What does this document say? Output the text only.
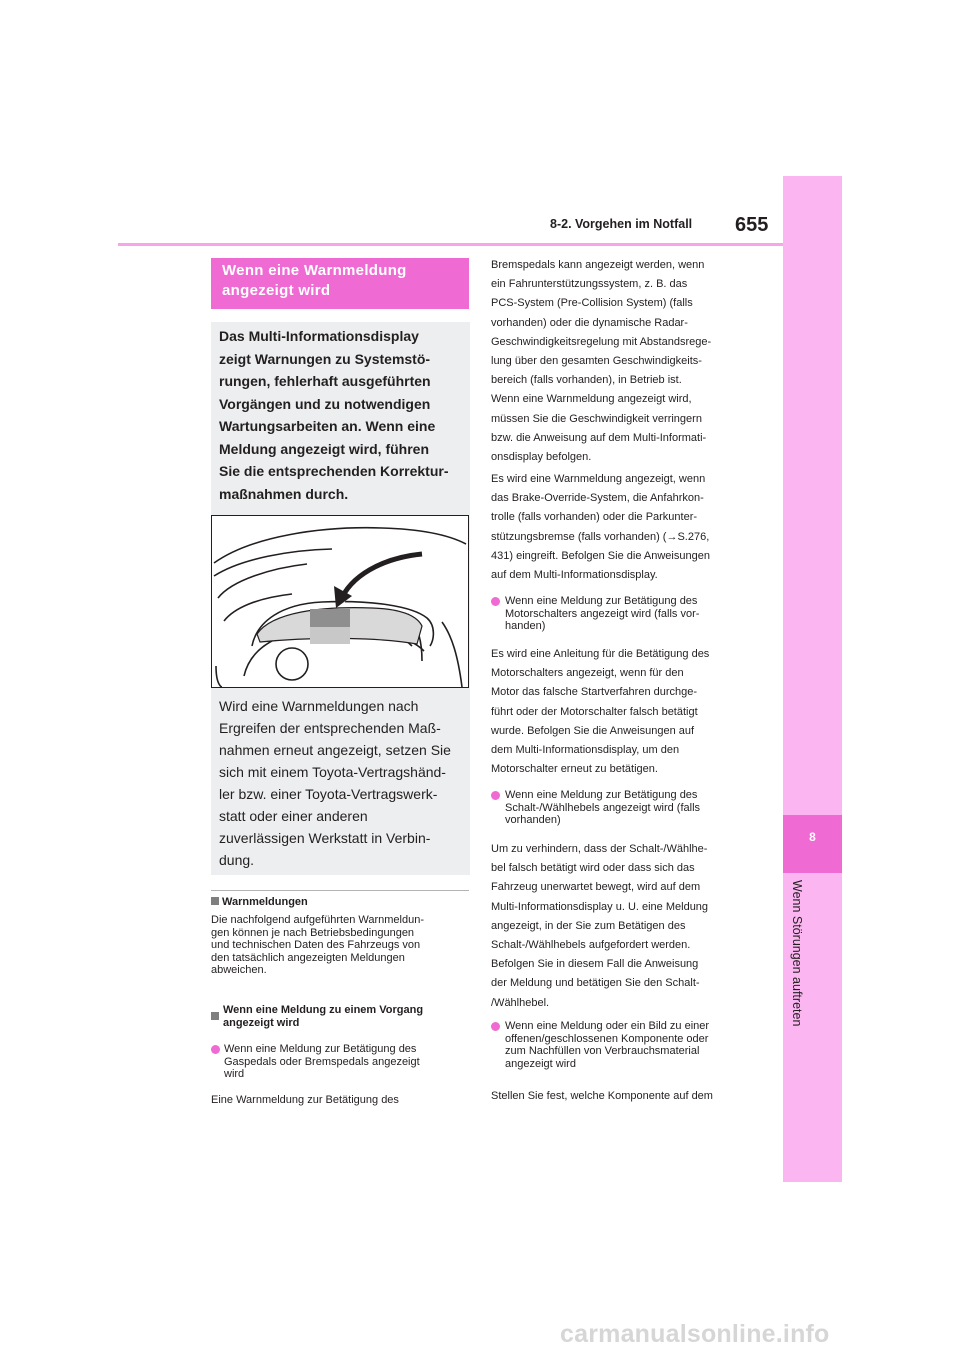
8-2. Vorgehen im Notfall 655
8
Wenn Störungen auftreten
Wenn eine Warnmeldung
angezeigt wird
Das Multi-Informationsdisplay
zeigt Warnungen zu Systemstö-
rungen, fehlerhaft ausgeführten
Vorgängen und zu notwendigen
Wartungsarbeiten an. Wenn eine
Meldung angezeigt wird, führen
Sie die entsprechenden Korrektur-
maßnahmen durch.
Wird eine Warnmeldungen nach
Ergreifen der entsprechenden Maß-
nahmen erneut angezeigt, setzen Sie
sich mit einem Toyota-Vertragshänd-
ler bzw. einer Toyota-Vertragswerk-
statt oder einer anderen
zuverlässigen Werkstatt in Verbin-
dung.
Warnmeldungen
Die nachfolgend aufgeführten Warnmeldun-
gen können je nach Betriebsbedingungen
und technischen Daten des Fahrzeugs von
den tatsächlich angezeigten Meldungen
abweichen.
Wenn eine Meldung zu einem Vorgang
angezeigt wird
Wenn eine Meldung zur Betätigung des
Gaspedals oder Bremspedals angezeigt
wird
Eine Warnmeldung zur Betätigung des
Bremspedals kann angezeigt werden, wenn
ein Fahrunterstützungssystem, z. B. das
PCS-System (Pre-Collision System) (falls
vorhanden) oder die dynamische Radar-
Geschwindigkeitsregelung mit Abstandsrege-
lung über den gesamten Geschwindigkeits-
bereich (falls vorhanden), in Betrieb ist.
Wenn eine Warnmeldung angezeigt wird,
müssen Sie die Geschwindigkeit verringern
bzw. die Anweisung auf dem Multi-Informati-
onsdisplay befolgen.
Es wird eine Warnmeldung angezeigt, wenn
das Brake-Override-System, die Anfahrkon-
trolle (falls vorhanden) oder die Parkunter-
stützungsbremse (falls vorhanden) (→S.276,
431) eingreift. Befolgen Sie die Anweisungen
auf dem Multi-Informationsdisplay.
Wenn eine Meldung zur Betätigung des
Motorschalters angezeigt wird (falls vor-
handen)
Es wird eine Anleitung für die Betätigung des
Motorschalters angezeigt, wenn für den
Motor das falsche Startverfahren durchge-
führt oder der Motorschalter falsch betätigt
wurde. Befolgen Sie die Anweisungen auf
dem Multi-Informationsdisplay, um den
Motorschalter erneut zu betätigen.
Wenn eine Meldung zur Betätigung des
Schalt-/Wählhebels angezeigt wird (falls
vorhanden)
Um zu verhindern, dass der Schalt-/Wählhe-
bel falsch betätigt wird oder dass sich das
Fahrzeug unerwartet bewegt, wird auf dem
Multi-Informationsdisplay u. U. eine Meldung
angezeigt, in der Sie zum Betätigen des
Schalt-/Wählhebels aufgefordert werden.
Befolgen Sie in diesem Fall die Anweisung
der Meldung und betätigen Sie den Schalt-
/Wählhebel.
Wenn eine Meldung oder ein Bild zu einer
offenen/geschlossenen Komponente oder
zum Nachfüllen von Verbrauchsmaterial
angezeigt wird
Stellen Sie fest, welche Komponente auf dem
carmanualsonline.info
